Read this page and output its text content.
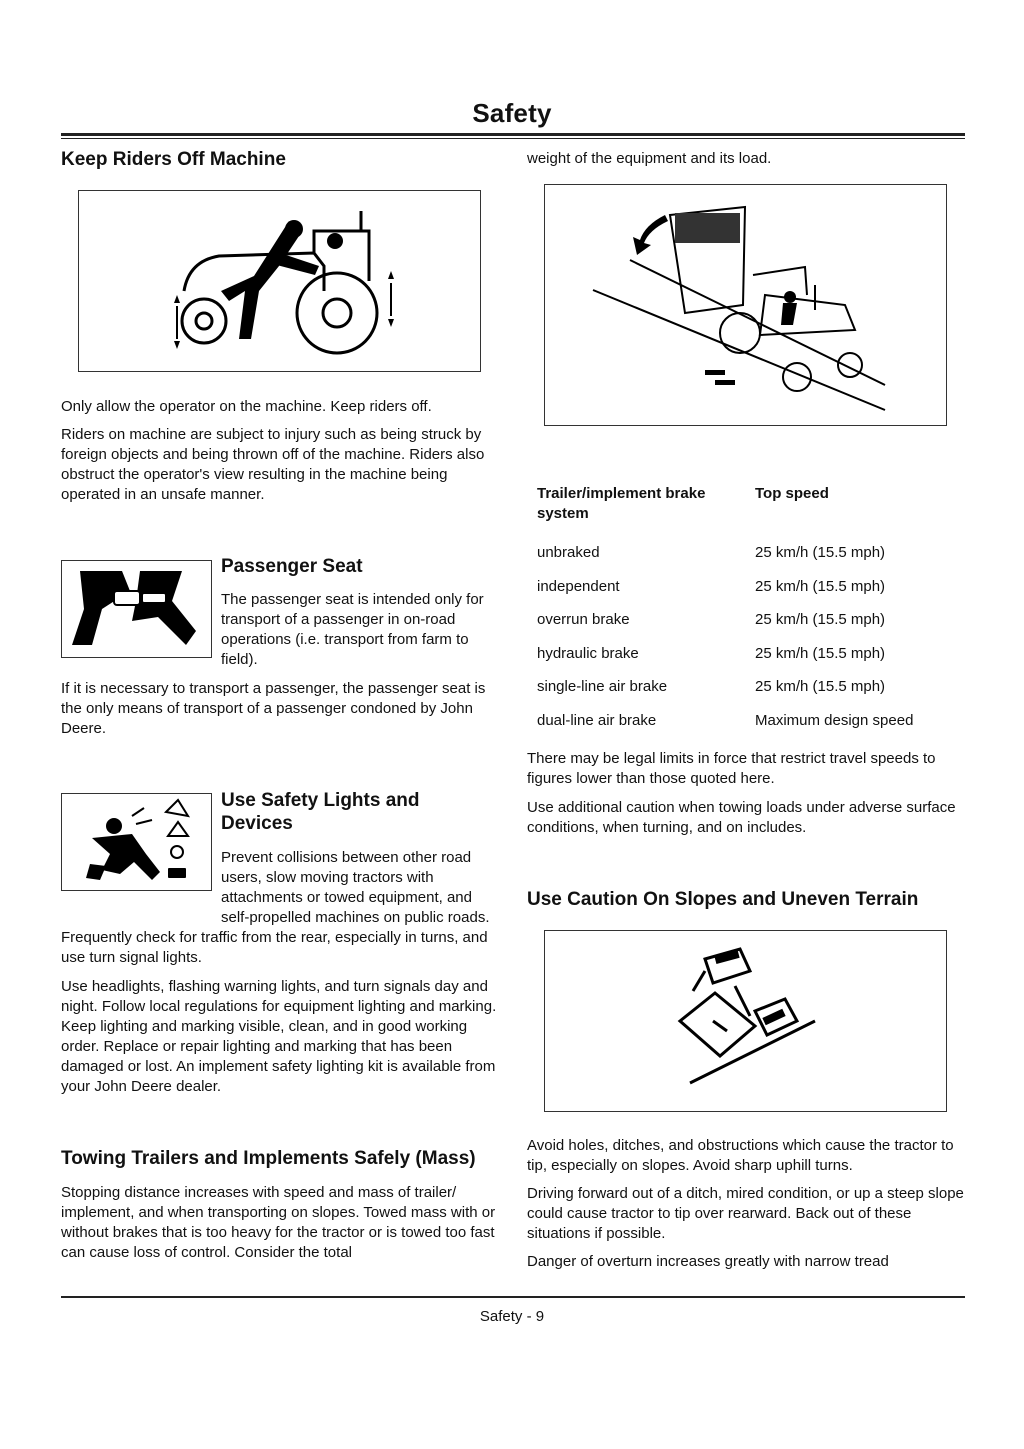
Safety
Keep Riders Off Machine

Only allow the operator on the machine. Keep riders off.

Riders on machine are subject to injury such as being struck by foreign objects and being thrown off of the machine. Riders also obstruct the operator's view resulting in the machine being operated in an unsafe manner.

Passenger Seat

The passenger seat is intended only for transport of a passenger in on-road operations (i.e. transport from farm to field).

If it is necessary to transport a passenger, the passenger seat is the only means of transport of a passenger condoned by John Deere.

Use Safety Lights and Devices

Prevent collisions between other road users, slow moving tractors with attachments or towed equipment, and self-propelled machines on public roads. Frequently check for traffic from the rear, especially in turns, and use turn signal lights.

Use headlights, flashing warning lights, and turn signals day and night. Follow local regulations for equipment lighting and marking. Keep lighting and marking visible, clean, and in good working order. Replace or repair lighting and marking that has been damaged or lost. An implement safety lighting kit is available from your John Deere dealer.

Towing Trailers and Implements Safely (Mass)

Stopping distance increases with speed and mass of trailer/ implement, and when transporting on slopes. Towed mass with or without brakes that is too heavy for the tractor or is towed too fast can cause loss of control. Consider the total

weight of the equipment and its load.

Trailer/implement brake system	Top speed
unbraked	25 km/h (15.5 mph)
independent	25 km/h (15.5 mph)
overrun brake	25 km/h (15.5 mph)
hydraulic brake	25 km/h (15.5 mph)
single-line air brake	25 km/h (15.5 mph)
dual-line air brake	Maximum design speed

There may be legal limits in force that restrict travel speeds to figures lower than those quoted here.

Use additional caution when towing loads under adverse surface conditions, when turning, and on includes.

Use Caution On Slopes and Uneven Terrain

Avoid holes, ditches, and obstructions which cause the tractor to tip, especially on slopes. Avoid sharp uphill turns.

Driving forward out of a ditch, mired condition, or up a steep slope could cause tractor to tip over rearward. Back out of these situations if possible.

Danger of overturn increases greatly with narrow tread

Safety - 9
